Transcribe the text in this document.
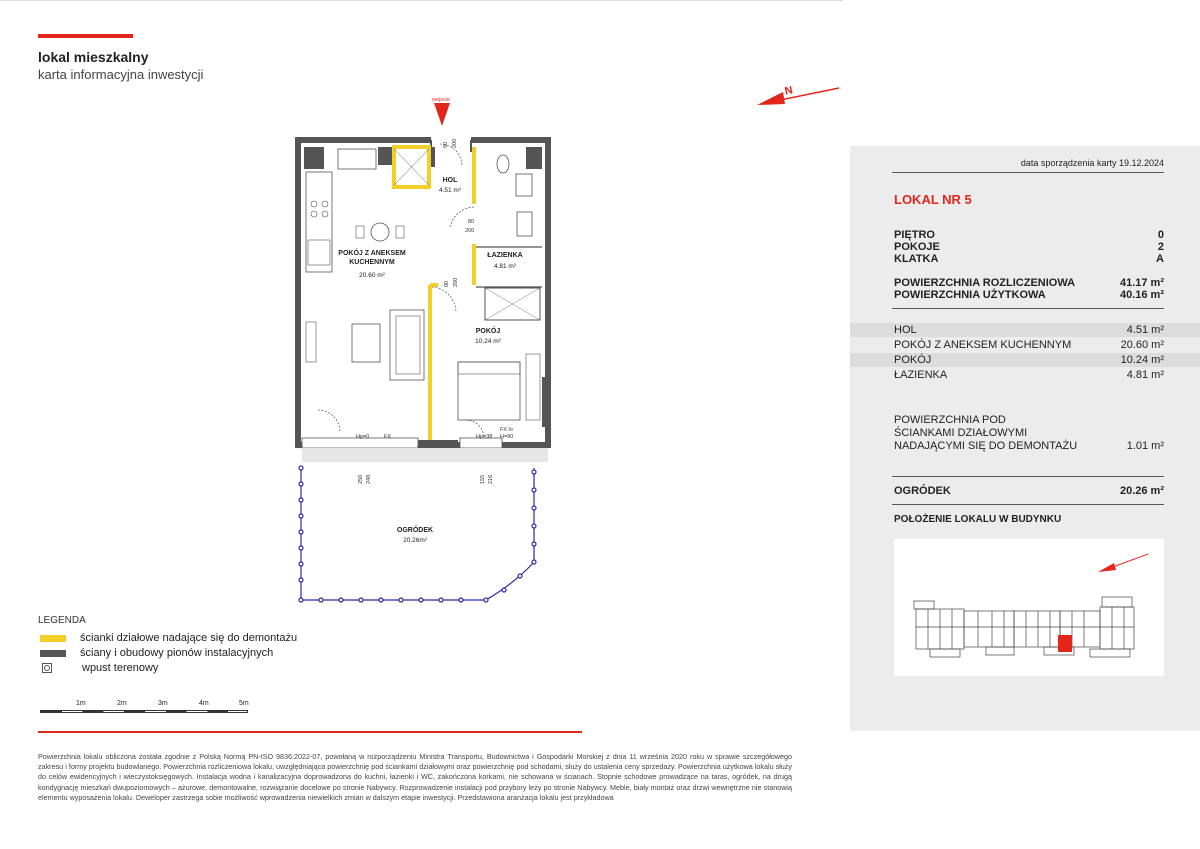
lokal mieszkalny
karta informacyjna inwestycji
N
wejście
HOL
4.51 m²
POKÓJ Z ANEKSEM
KUCHENNYM
20.60 m²
ŁAZIENKA
4.81 m²
POKÓJ
10.24 m²
90 200
80
200
80 200
Hp=0	FX	Hp=38
FX lo
H=90
250 248	155 216
OGRÓDEK
20.26m²
LEGENDA
ścianki działowe nadające się do demontażu
ściany i obudowy pionów instalacyjnych
wpust terenowy
1m	2m	3m	4m	5m
Powierzchnia lokalu obliczona została zgodnie z Polską Normą PN-ISO 9836:2022-07, powołaną w rozporządzeniu Ministra Transportu, Budownictwa i Gospodarki Morskiej z dnia 11 września 2020 roku w sprawie szczegółowego zakresu i formy projektu budowlanego. Powierzchnia rozliczeniowa lokalu, uwzględniająca powierzchnię pod ściankami działowymi oraz powierzchnię pod schodami, służy do ustalenia ceny sprzedaży. Powierzchnia użytkowa lokalu służy do celów ewidencyjnych i wieczystoksięgowych. Instalacja wodna i kanalizacyjna doprowadzona do kuchni, łazienki i WC, zakończona korkami, nie schowana w ścianach. Stopnie schodowe prowadzące na taras, ogródek, na drugą kondygnację mieszkań dwupoziomowych – ażurowe, demontowalne, rozwiązanie docelowe po stronie Nabywcy. Rozprowadzenie instalacji pod przybory leży po stronie Nabywcy. Meble, biały montaż oraz drzwi wewnętrzne nie stanowią elementu wyposażenia lokalu. Deweloper zastrzega sobie możliwość wprowadzenia niewielkich zmian w dalszym etapie inwestycji. Przedstawiona aranżacja lokalu jest przykładowa
data sporządzenia karty 19.12.2024
LOKAL NR 5
PIĘTRO	0
POKOJE	2
KLATKA	A
POWIERZCHNIA ROZLICZENIOWA	41.17 m²
POWIERZCHNIA UŻYTKOWA	40.16 m²
HOL	4.51 m²
POKÓJ Z ANEKSEM KUCHENNYM	20.60 m²
POKÓJ	10.24 m²
ŁAZIENKA	4.81 m²
POWIERZCHNIA POD
ŚCIANKAMI DZIAŁOWYMI
NADAJĄCYMI SIĘ DO DEMONTAŻU	1.01 m²
OGRÓDEK	20.26 m²
POŁOŻENIE LOKALU W BUDYNKU
